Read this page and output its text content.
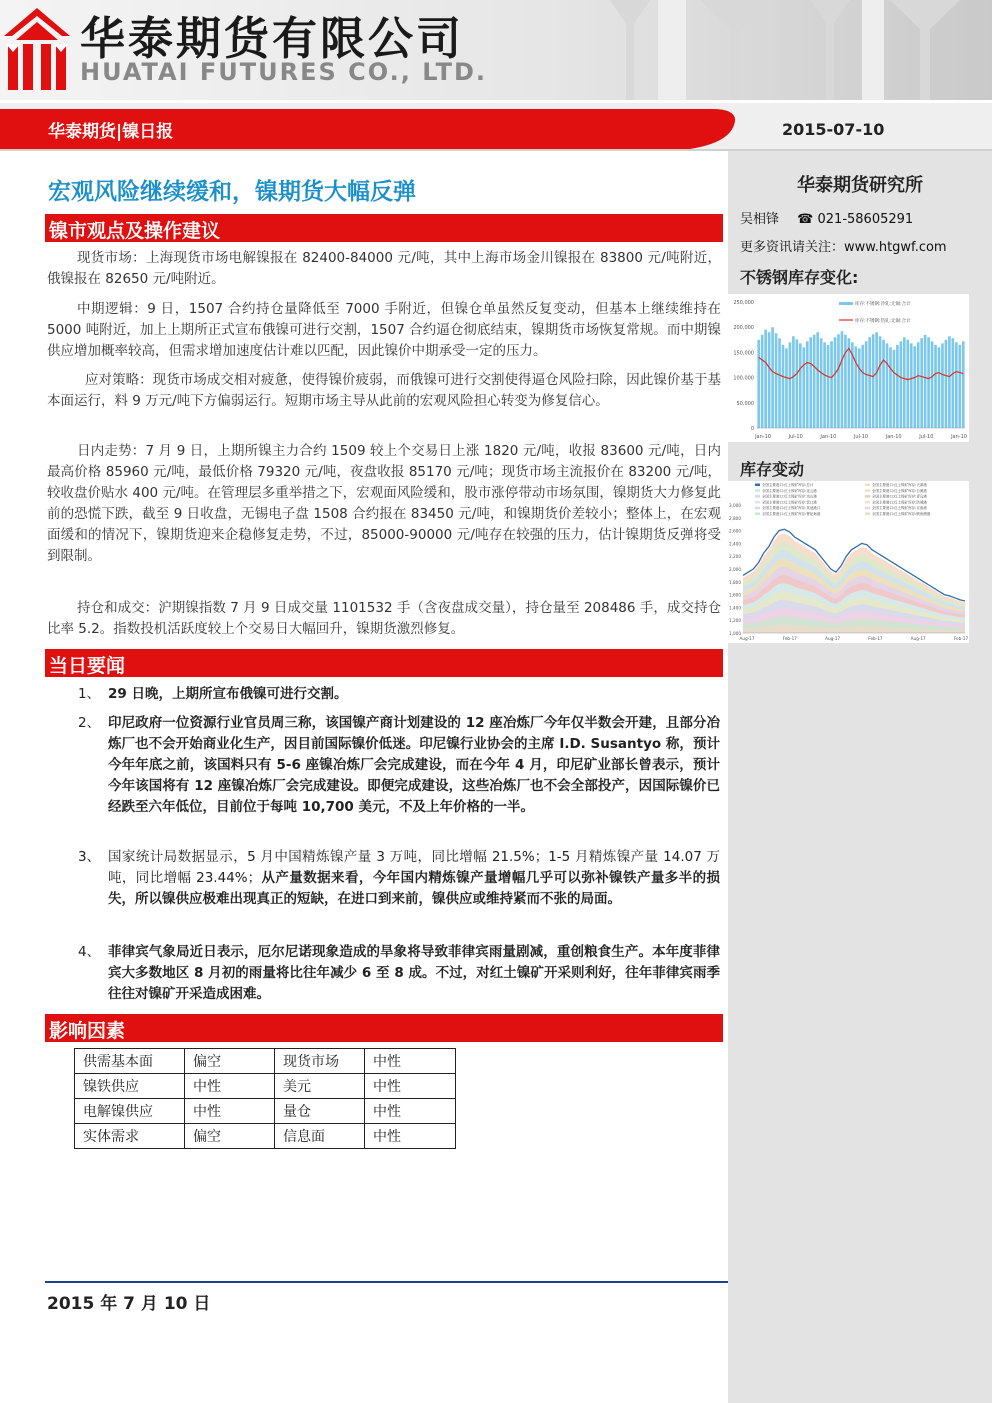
华泰期货有限公司
HUATAI FUTURES CO., LTD.
华泰期货|镍日报	2015-07-10
华泰期货研究所
吴相锋 ☎ 021-58605291
更多资讯请关注：www.htgwf.com
不锈钢库存变化:
库存变动
250,000
200,000
150,000
100,000
50,000
0
Jan-10	Jul-10	Jan-10	Jul-10	Jan-10	Jul-10	Jan-10
库存:不锈钢:冷轧:无锡:合计
库存:不锈钢:热轧:无锡:合计
3,000
2,800
2,600
2,400
2,200
2,000
1,800
1,600
1,400
1,200
1,000
Aug-17	Feb-17	Aug-17	Feb-17	Aug-17	Feb-17
全国主要港口:红土镍矿库存:总计	全国主要港口:红土镍矿库存:天津港
全国主要港口:红土镍矿库存:连云港	全国主要港口:红土镍矿库存:日照港
全国主要港口:红土镍矿库存:岚山港	全国主要港口:红土镍矿库存:青岛港
全国主要港口:红土镍矿库存:营口港	全国主要港口:红土镍矿库存:防城港
全国主要港口:红土镍矿库存:其他港口	全国主要港口:红土镍矿库存:京唐港
全国主要港口:红土镍矿库存:曹妃甸港	全国主要港口:红土镍矿库存:鲅鱼圈港
宏观风险继续缓和，镍期货大幅反弹
镍市观点及操作建议

现货市场：上海现货市场电解镍报在 82400-84000 元/吨，其中上海市场金川镍报在 83800 元/吨附近，俄镍报在 82650 元/吨附近。

中期逻辑：9 日，1507 合约持仓量降低至 7000 手附近，但镍仓单虽然反复变动，但基本上继续维持在 5000 吨附近，加上上期所正式宣布俄镍可进行交割，1507 合约逼仓彻底结束，镍期货市场恢复常规。而中期镍供应增加概率较高，但需求增加速度估计难以匹配，因此镍价中期承受一定的压力。

应对策略：现货市场成交相对疲惫，使得镍价疲弱，而俄镍可进行交割使得逼仓风险扫除，因此镍价基于基本面运行，料 9 万元/吨下方偏弱运行。短期市场主导从此前的宏观风险担心转变为修复信心。

日内走势：7 月 9 日，上期所镍主力合约 1509 较上个交易日上涨 1820 元/吨，收报 83600 元/吨，日内最高价格 85960 元/吨，最低价格 79320 元/吨，夜盘收报 85170 元/吨；现货市场主流报价在 83200 元/吨，较收盘价贴水 400 元/吨。在管理层多重举措之下，宏观面风险缓和，股市涨停带动市场氛围，镍期货大力修复此前的恐慌下跌，截至 9 日收盘，无锡电子盘 1508 合约报在 83450 元/吨，和镍期货价差较小；整体上，在宏观面缓和的情况下，镍期货迎来企稳修复走势，不过，85000-90000 元/吨存在较强的压力，估计镍期货反弹将受到限制。

持仓和成交：沪期镍指数 7 月 9 日成交量 1101532 手（含夜盘成交量），持仓量至 208486 手，成交持仓比率 5.2。指数投机活跃度较上个交易日大幅回升，镍期货激烈修复。

当日要闻
1、 29 日晚，上期所宣布俄镍可进行交割。
2、 印尼政府一位资源行业官员周三称，该国镍产商计划建设的 12 座冶炼厂今年仅半数会开建，且部分冶炼厂也不会开始商业化生产，因目前国际镍价低迷。印尼镍行业协会的主席 I.D. Susantyo 称，预计今年年底之前，该国料只有 5-6 座镍冶炼厂会完成建设，而在今年 4 月，印尼矿业部长曾表示，预计今年该国将有 12 座镍冶炼厂会完成建设。即便完成建设，这些冶炼厂也不会全部投产，因国际镍价已经跌至六年低位，目前位于每吨 10,700 美元，不及上年价格的一半。
3、 国家统计局数据显示，5 月中国精炼镍产量 3 万吨，同比增幅 21.5%；1-5 月精炼镍产量 14.07 万吨，同比增幅 23.44%；从产量数据来看，今年国内精炼镍产量增幅几乎可以弥补镍铁产量多半的损失，所以镍供应极难出现真正的短缺，在进口到来前，镍供应或维持紧而不张的局面。
4、 菲律宾气象局近日表示，厄尔尼诺现象造成的旱象将导致菲律宾雨量剧减，重创粮食生产。本年度菲律宾大多数地区 8 月初的雨量将比往年减少 6 至 8 成。不过，对红土镍矿开采则利好，往年菲律宾雨季往往对镍矿开采造成困难。
影响因素
供需基本面	偏空	现货市场	中性
镍铁供应	中性	美元	中性
电解镍供应	中性	量仓	中性
实体需求	偏空	信息面	中性
2015 年 7 月 10 日
